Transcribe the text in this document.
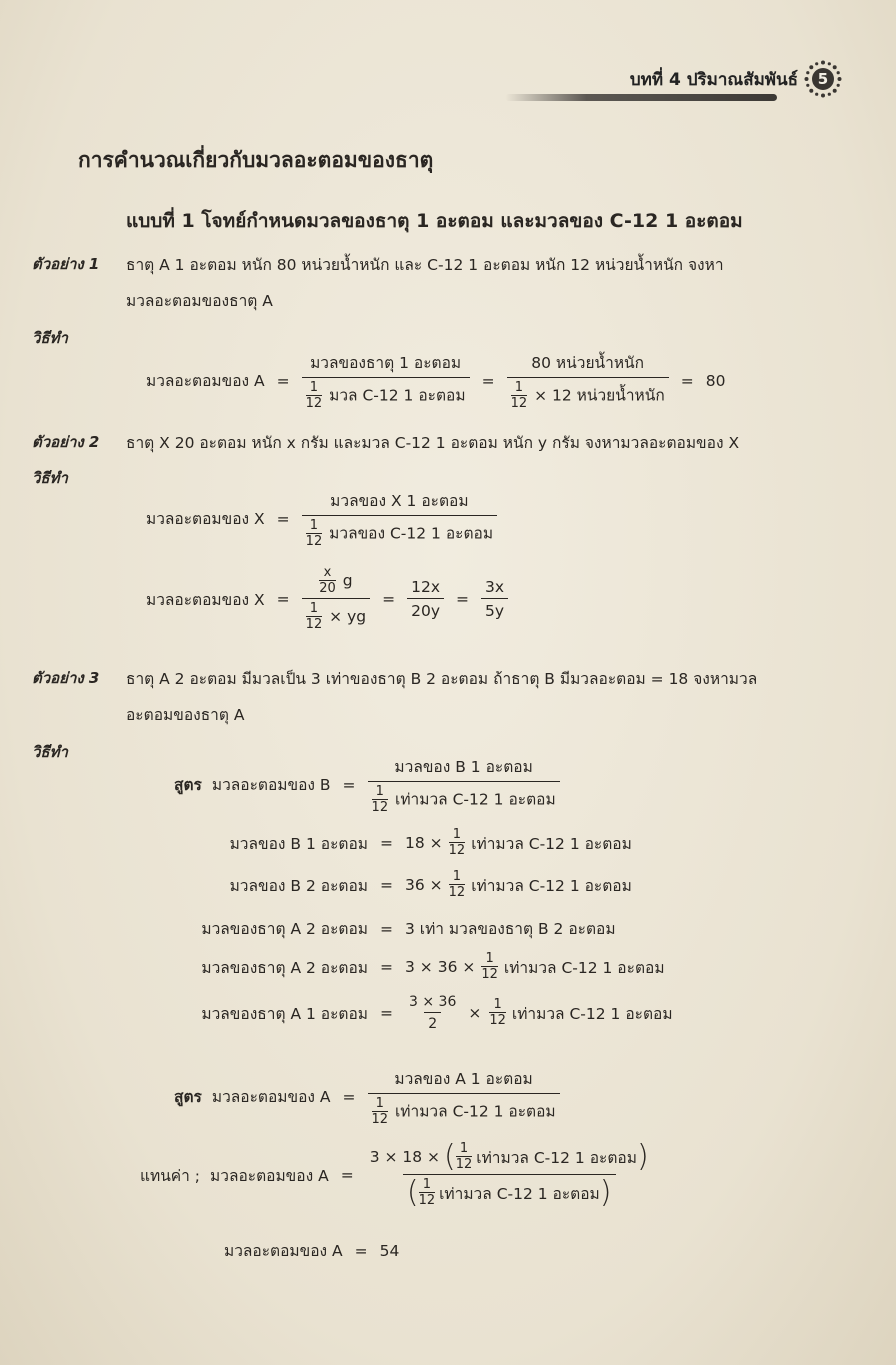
บทที่ 4 ปริมาณสัมพันธ์	5
การคำนวณเกี่ยวกับมวลอะตอมของธาตุ
แบบที่ 1 โจทย์กำหนดมวลของธาตุ 1 อะตอม และมวลของ C-12 1 อะตอม
ตัวอย่าง 1 ธาตุ A 1 อะตอม หนัก 80 หน่วยน้ำหนัก และ C-12 1 อะตอม หนัก 12 หน่วยน้ำหนัก จงหา
มวลอะตอมของธาตุ A
วิธีทำ
มวลอะตอมของ $A = \frac{\text{มวลของธาตุ 1 อะตอม}}{\frac{1}{12} มวล C-12 1 อะตอม} = \frac{\text{80 หน่วยน้ำหนัก}}{\frac{1}{12} \times 12 หน่วยน้ำหนัก} = 80$
ตัวอย่าง 2 ธาตุ X 20 อะตอม หนัก x กรัม และมวล C-12 1 อะตอม หนัก y กรัม จงหามวลอะตอมของ X
วิธีทำ
มวลอะตอมของ $X = \frac{\text{มวลของ X 1 อะตอม}}{\frac{1}{12} มวลของ C-12 1 อะตอม}$
มวลอะตอมของ $X = \frac{\frac{x}{20} g}{\frac{1}{12} \times yg} = \frac{12x}{20y} = \frac{3x}{5y}$
ตัวอย่าง 3 ธาตุ A 2 อะตอม มีมวลเป็น 3 เท่าของธาตุ B 2 อะตอม ถ้าธาตุ B มีมวลอะตอม = 18 จงหามวล
อะตอมของธาตุ A
วิธีทำ
สูตร มวลอะตอมของ $B = \frac{\text{มวลของ B 1 อะตอม}}{\frac{1}{12} เท่ามวล C-12 1 อะตอม}$
มวลของ B 1 อะตอม = $18 \times \frac{1}{12}$ เท่ามวล C-12 1 อะตอม
มวลของ B 2 อะตอม = $36 \times \frac{1}{12}$ เท่ามวล C-12 1 อะตอม
มวลของธาตุ A 2 อะตอม = 3 เท่า มวลของธาตุ B 2 อะตอม
มวลของธาตุ A 2 อะตอม = $3 \times 36 \times \frac{1}{12}$ เท่ามวล C-12 1 อะตอม
มวลของธาตุ A 1 อะตอม = $\frac{3 \times 36}{2} \times \frac{1}{12}$ เท่ามวล C-12 1 อะตอม
สูตร มวลอะตอมของ $A = \frac{\text{มวลของ A 1 อะตอม}}{\frac{1}{12} เท่ามวล C-12 1 อะตอม}$
แทนค่า ; มวลอะตอมของ A =
3 × 18 × ( 1
12 เท่ามวล C-12 1 อะตอม )
( 1
12 เท่ามวล C-12 1 อะตอม )
มวลอะตอมของ A = 54
